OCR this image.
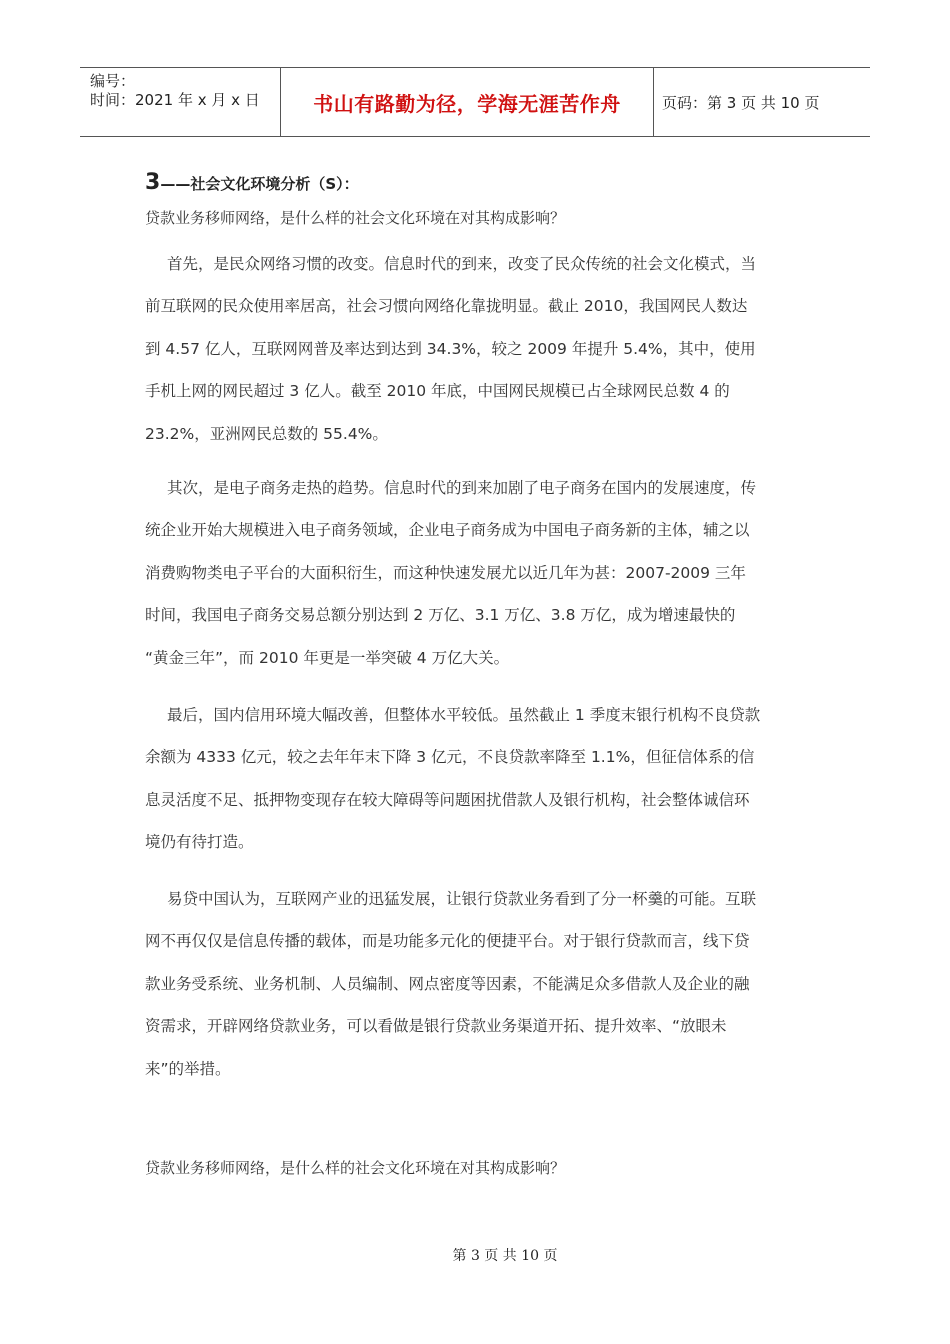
编号：
时间：2021 年 x 月 x 日	书山有路勤为径，学海无涯苦作舟	页码：第 3 页 共 10 页
3——社会文化环境分析（S）：
贷款业务移师网络，是什么样的社会文化环境在对其构成影响？
首先，是民众网络习惯的改变。信息时代的到来，改变了民众传统的社会文化模式，当
前互联网的民众使用率居高，社会习惯向网络化靠拢明显。截止 2010，我国网民人数达
到 4.57 亿人，互联网网普及率达到达到 34.3%，较之 2009 年提升 5.4%，其中，使用
手机上网的网民超过 3 亿人。截至 2010 年底，中国网民规模已占全球网民总数 4 的
23.2%，亚洲网民总数的 55.4%。
其次，是电子商务走热的趋势。信息时代的到来加剧了电子商务在国内的发展速度，传
统企业开始大规模进入电子商务领域，企业电子商务成为中国电子商务新的主体，辅之以
消费购物类电子平台的大面积衍生，而这种快速发展尤以近几年为甚：2007-2009 三年
时间，我国电子商务交易总额分别达到 2 万亿、3.1 万亿、3.8 万亿，成为增速最快的
“黄金三年”，而 2010 年更是一举突破 4 万亿大关。
最后，国内信用环境大幅改善，但整体水平较低。虽然截止 1 季度末银行机构不良贷款
余额为 4333 亿元，较之去年年末下降 3 亿元，不良贷款率降至 1.1%，但征信体系的信
息灵活度不足、抵押物变现存在较大障碍等问题困扰借款人及银行机构，社会整体诚信环
境仍有待打造。
易贷中国认为，互联网产业的迅猛发展，让银行贷款业务看到了分一杯羹的可能。互联
网不再仅仅是信息传播的载体，而是功能多元化的便捷平台。对于银行贷款而言，线下贷
款业务受系统、业务机制、人员编制、网点密度等因素，不能满足众多借款人及企业的融
资需求，开辟网络贷款业务，可以看做是银行贷款业务渠道开拓、提升效率、“放眼未
来”的举措。
贷款业务移师网络，是什么样的社会文化环境在对其构成影响？
第 3 页 共 10 页
